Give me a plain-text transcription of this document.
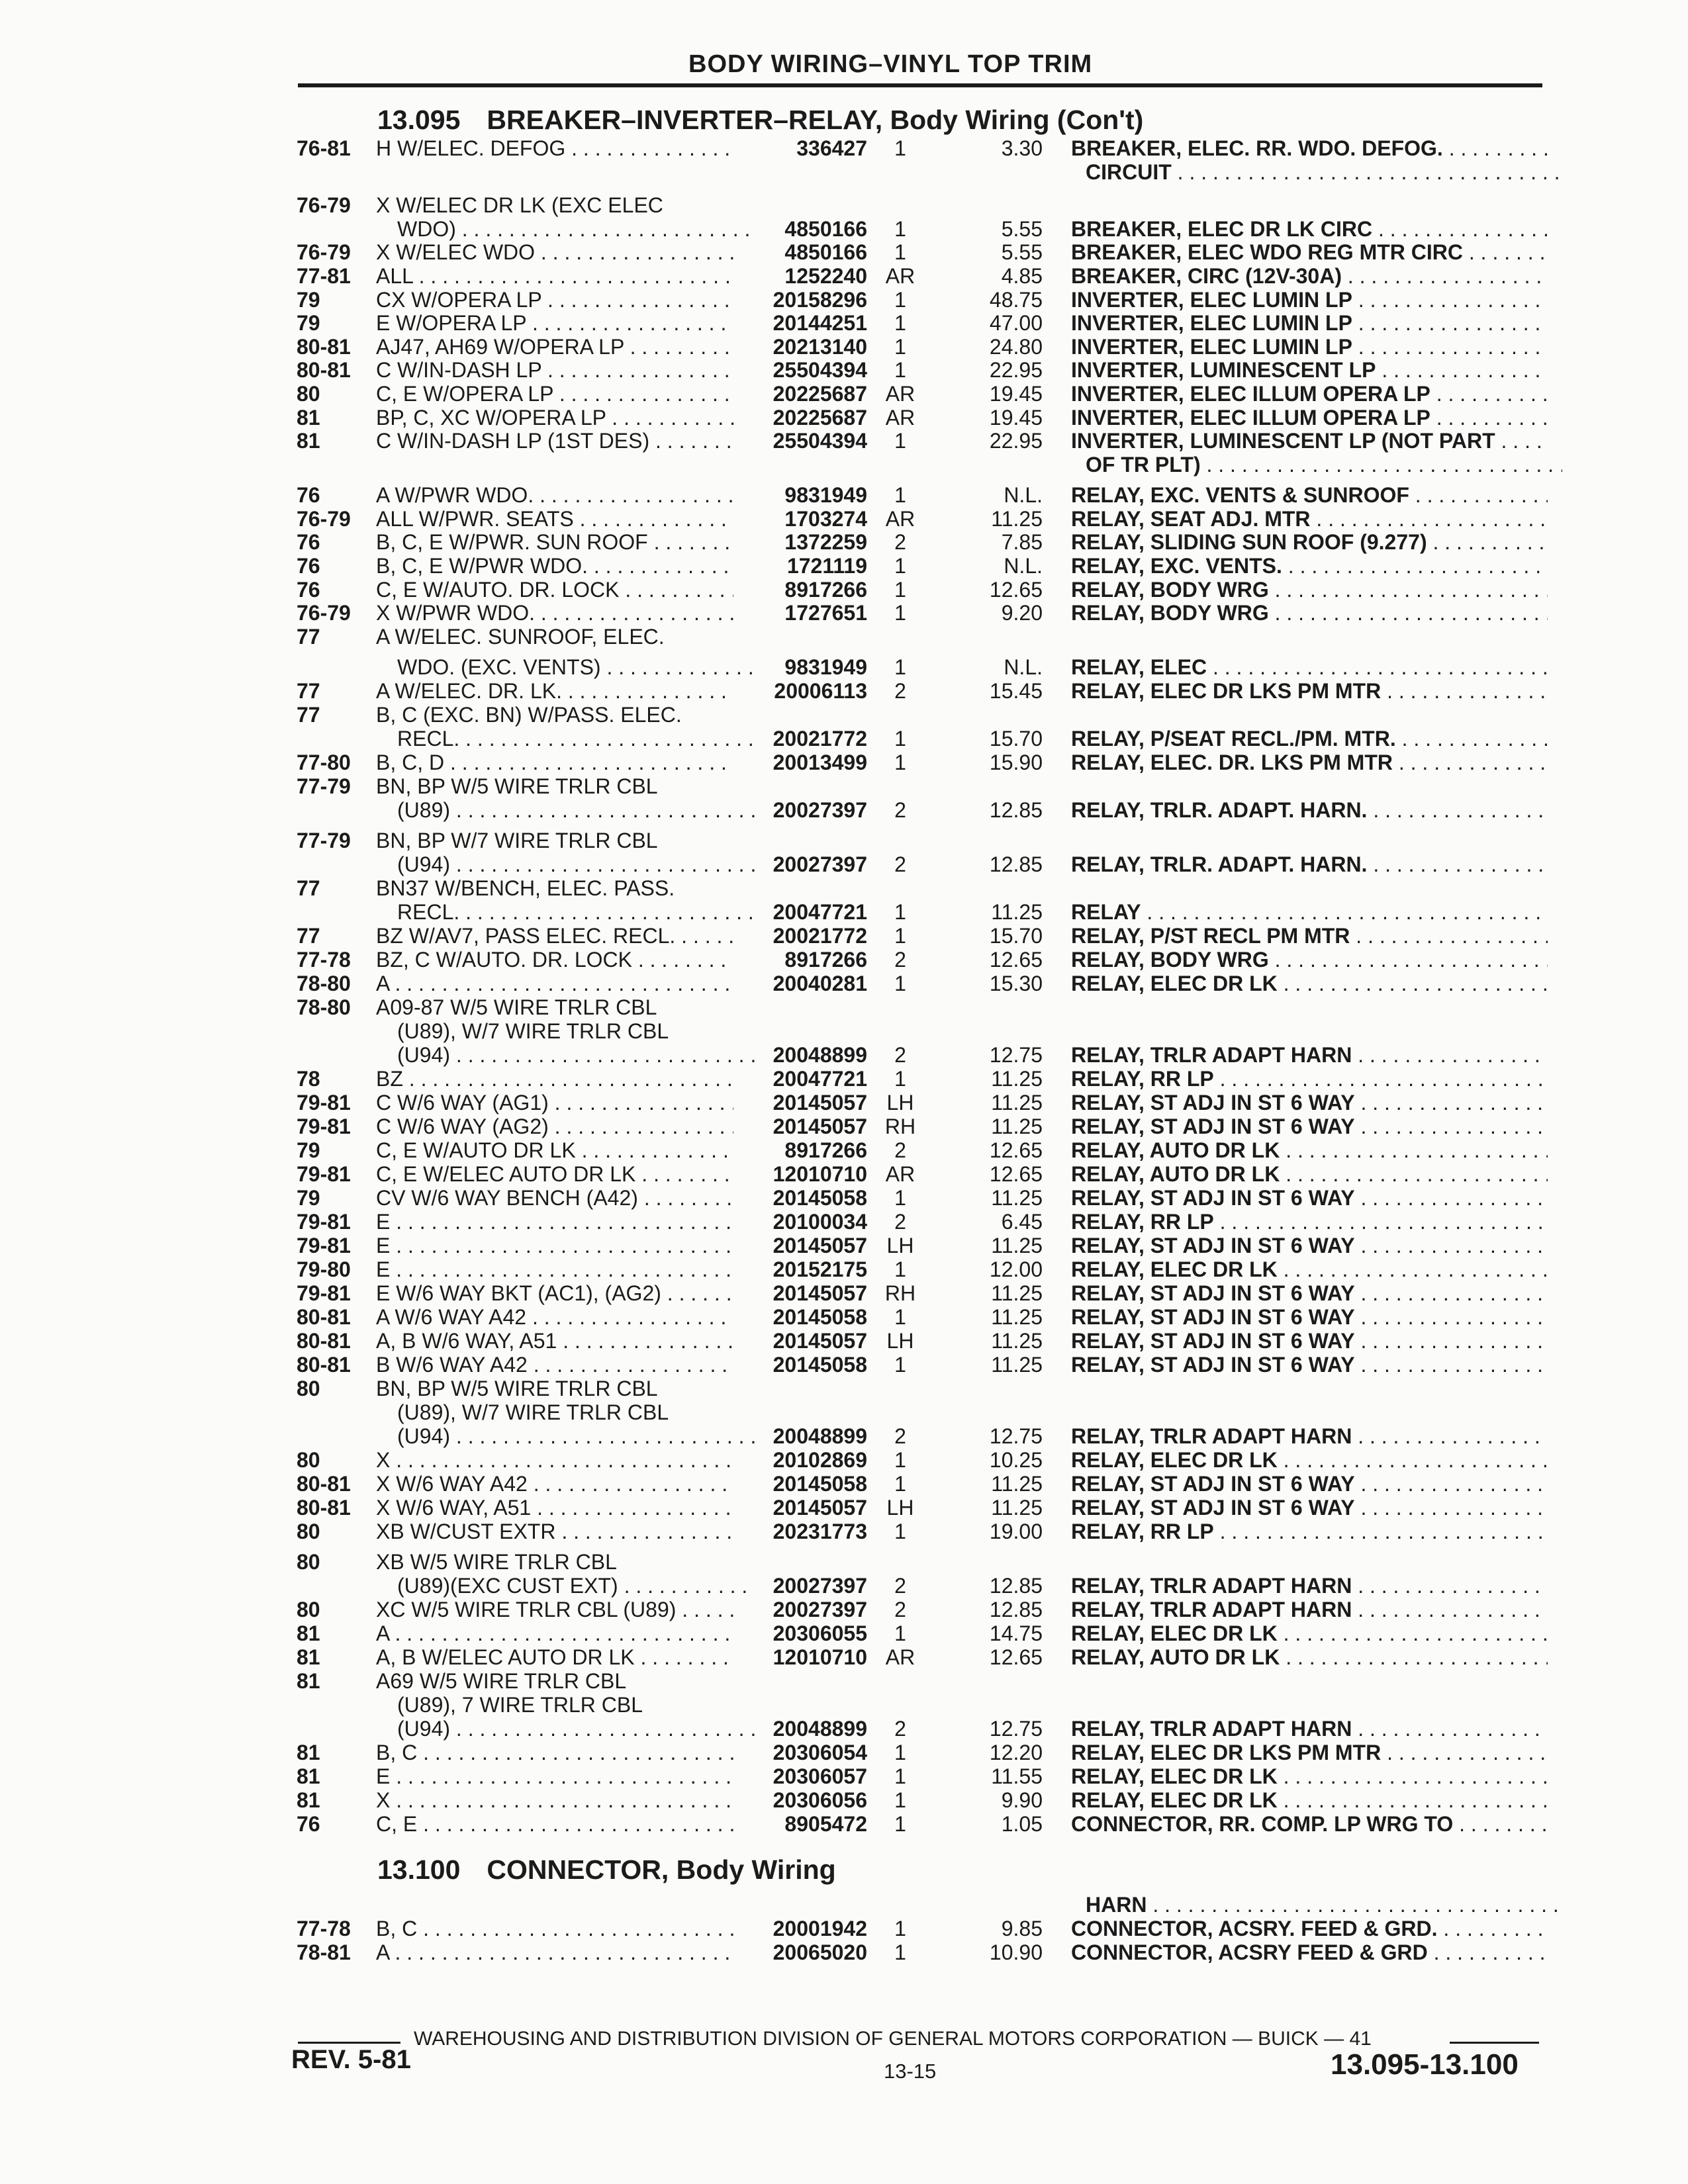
BODY WIRING–VINYL TOP TRIM
13.095 BREAKER–INVERTER–RELAY, Body Wiring (Con't)
13.100 CONNECTOR, Body Wiring
76-81 H W/ELEC. DEFOG . . .	336427	1	3.30 BREAKER, ELEC. RR. WDO. DEFOG. . . .
CIRCUIT . . .
76-79 X W/ELEC DR LK (EXC ELEC
WDO) . . .	4850166	1	5.55 BREAKER, ELEC DR LK CIRC . . .
76-79 X W/ELEC WDO . . .	4850166	1	5.55 BREAKER, ELEC WDO REG MTR CIRC . . .
77-81 ALL . . .	1252240 AR	4.85 BREAKER, CIRC (12V-30A) . . .
79	CX W/OPERA LP . . .	20158296	1	48.75 INVERTER, ELEC LUMIN LP . . .
79	E W/OPERA LP . . .	20144251	1	47.00 INVERTER, ELEC LUMIN LP . . .
80-81 AJ47, AH69 W/OPERA LP . . .	20213140	1	24.80 INVERTER, ELEC LUMIN LP . . .
80-81 C W/IN-DASH LP . . .	25504394	1	22.95 INVERTER, LUMINESCENT LP . . .
80	C, E W/OPERA LP . . .	20225687 AR	19.45 INVERTER, ELEC ILLUM OPERA LP . . .
81	BP, C, XC W/OPERA LP . . .	20225687 AR	19.45 INVERTER, ELEC ILLUM OPERA LP . . .
81	C W/IN-DASH LP (1ST DES) . . .	25504394	1	22.95 INVERTER, LUMINESCENT LP (NOT PART . . .
OF TR PLT) . . .
76	A W/PWR WDO. . . .	9831949	1	N.L. RELAY, EXC. VENTS & SUNROOF . . .
76-79 ALL W/PWR. SEATS . . .	1703274 AR	11.25 RELAY, SEAT ADJ. MTR . . .
76	B, C, E W/PWR. SUN ROOF . . .	1372259	2	7.85 RELAY, SLIDING SUN ROOF (9.277) . . .
76	B, C, E W/PWR WDO. . . .	1721119	1	N.L. RELAY, EXC. VENTS. . . .
76	C, E W/AUTO. DR. LOCK . . .	8917266	1	12.65 RELAY, BODY WRG . . .
76-79 X W/PWR WDO. . . .	1727651	1	9.20 RELAY, BODY WRG . . .
77	A W/ELEC. SUNROOF, ELEC.
WDO. (EXC. VENTS) . . .	9831949	1	N.L. RELAY, ELEC . . .
77	A W/ELEC. DR. LK. . . .	20006113	2	15.45 RELAY, ELEC DR LKS PM MTR . . .
77	B, C (EXC. BN) W/PASS. ELEC.
RECL. . . .	20021772	1	15.70 RELAY, P/SEAT RECL./PM. MTR. . . .
77-80 B, C, D . . .	20013499	1	15.90 RELAY, ELEC. DR. LKS PM MTR . . .
77-79 BN, BP W/5 WIRE TRLR CBL
(U89) . . .	20027397	2	12.85 RELAY, TRLR. ADAPT. HARN. . . .
77-79 BN, BP W/7 WIRE TRLR CBL
(U94) . . .	20027397	2	12.85 RELAY, TRLR. ADAPT. HARN. . . .
77	BN37 W/BENCH, ELEC. PASS.
RECL. . . .	20047721	1	11.25 RELAY . . .
77	BZ W/AV7, PASS ELEC. RECL. . . .	20021772	1	15.70 RELAY, P/ST RECL PM MTR . . .
77-78 BZ, C W/AUTO. DR. LOCK . . .	8917266	2	12.65 RELAY, BODY WRG . . .
78-80 A . . .	20040281	1	15.30 RELAY, ELEC DR LK . . .
78-80 A09-87 W/5 WIRE TRLR CBL
(U89), W/7 WIRE TRLR CBL
(U94) . . .	20048899	2	12.75 RELAY, TRLR ADAPT HARN . . .
78	BZ . . .	20047721	1	11.25 RELAY, RR LP . . .
79-81 C W/6 WAY (AG1) . . .	20145057 LH	11.25 RELAY, ST ADJ IN ST 6 WAY . . .
79-81 C W/6 WAY (AG2) . . .	20145057 RH	11.25 RELAY, ST ADJ IN ST 6 WAY . . .
79	C, E W/AUTO DR LK . . .	8917266	2	12.65 RELAY, AUTO DR LK . . .
79-81 C, E W/ELEC AUTO DR LK . . .	12010710 AR	12.65 RELAY, AUTO DR LK . . .
79	CV W/6 WAY BENCH (A42) . . .	20145058	1	11.25 RELAY, ST ADJ IN ST 6 WAY . . .
79-81 E . . .	20100034	2	6.45 RELAY, RR LP . . .
79-81 E . . .	20145057 LH	11.25 RELAY, ST ADJ IN ST 6 WAY . . .
79-80 E . . .	20152175	1	12.00 RELAY, ELEC DR LK . . .
79-81 E W/6 WAY BKT (AC1), (AG2) . . .	20145057 RH	11.25 RELAY, ST ADJ IN ST 6 WAY . . .
80-81 A W/6 WAY A42 . . .	20145058	1	11.25 RELAY, ST ADJ IN ST 6 WAY . . .
80-81 A, B W/6 WAY, A51 . . .	20145057 LH	11.25 RELAY, ST ADJ IN ST 6 WAY . . .
80-81 B W/6 WAY A42 . . .	20145058	1	11.25 RELAY, ST ADJ IN ST 6 WAY . . .
80	BN, BP W/5 WIRE TRLR CBL
(U89), W/7 WIRE TRLR CBL
(U94) . . .	20048899	2	12.75 RELAY, TRLR ADAPT HARN . . .
80	X . . .	20102869	1	10.25 RELAY, ELEC DR LK . . .
80-81 X W/6 WAY A42 . . .	20145058	1	11.25 RELAY, ST ADJ IN ST 6 WAY . . .
80-81 X W/6 WAY, A51 . . .	20145057 LH	11.25 RELAY, ST ADJ IN ST 6 WAY . . .
80	XB W/CUST EXTR . . .	20231773	1	19.00 RELAY, RR LP . . .
80	XB W/5 WIRE TRLR CBL
(U89)(EXC CUST EXT) . . .	20027397	2	12.85 RELAY, TRLR ADAPT HARN . . .
80	XC W/5 WIRE TRLR CBL (U89) . . .	20027397	2	12.85 RELAY, TRLR ADAPT HARN . . .
81	A . . .	20306055	1	14.75 RELAY, ELEC DR LK . . .
81	A, B W/ELEC AUTO DR LK . . .	12010710 AR	12.65 RELAY, AUTO DR LK . . .
81	A69 W/5 WIRE TRLR CBL
(U89), 7 WIRE TRLR CBL
(U94) . . .	20048899	2	12.75 RELAY, TRLR ADAPT HARN . . .
81	B, C . . .	20306054	1	12.20 RELAY, ELEC DR LKS PM MTR . . .
81	E . . .	20306057	1	11.55 RELAY, ELEC DR LK . . .
81	X . . .	20306056	1	9.90 RELAY, ELEC DR LK . . .
76	C, E . . .	8905472	1	1.05 CONNECTOR, RR. COMP. LP WRG TO . . .
HARN . . .
77-78 B, C . . .	20001942	1	9.85 CONNECTOR, ACSRY. FEED & GRD. . . .
78-81 A . . .	20065020	1	10.90 CONNECTOR, ACSRY FEED & GRD . . .
WAREHOUSING AND DISTRIBUTION DIVISION OF GENERAL MOTORS CORPORATION — BUICK — 41
REV. 5-81	13-15	13.095-13.100
